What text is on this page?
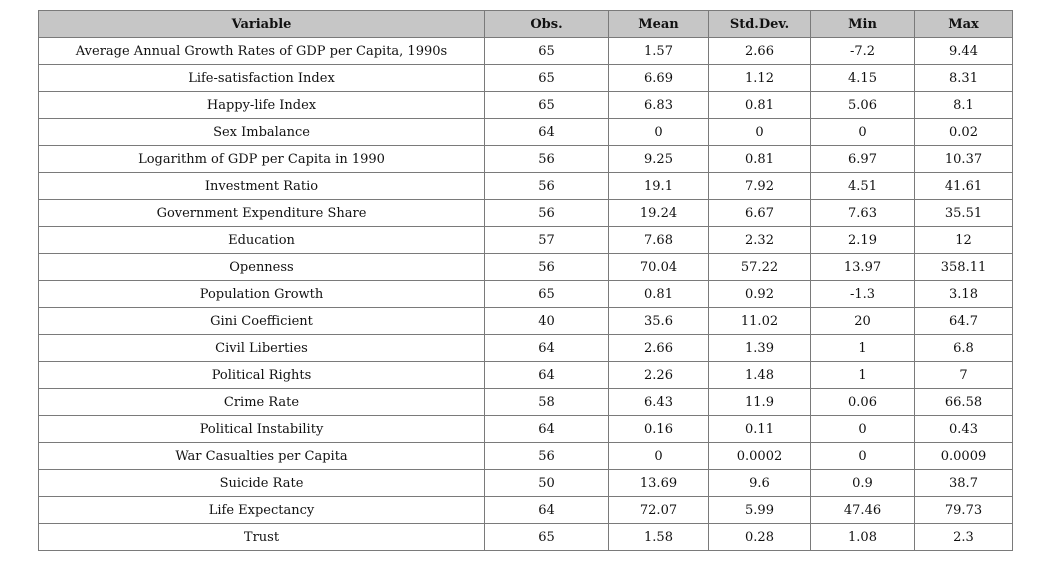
Variable	Obs.	Mean	Std.Dev.	Min	Max
Average Annual Growth Rates of GDP per Capita, 1990s	65	1.57	2.66	-7.2	9.44
Life-satisfaction Index	65	6.69	1.12	4.15	8.31
Happy-life Index	65	6.83	0.81	5.06	8.1
Sex Imbalance	64	0	0	0	0.02
Logarithm of GDP per Capita in 1990	56	9.25	0.81	6.97	10.37
Investment Ratio	56	19.1	7.92	4.51	41.61
Government Expenditure Share	56	19.24	6.67	7.63	35.51
Education	57	7.68	2.32	2.19	12
Openness	56	70.04	57.22	13.97	358.11
Population Growth	65	0.81	0.92	-1.3	3.18
Gini Coefficient	40	35.6	11.02	20	64.7
Civil Liberties	64	2.66	1.39	1	6.8
Political Rights	64	2.26	1.48	1	7
Crime Rate	58	6.43	11.9	0.06	66.58
Political Instability	64	0.16	0.11	0	0.43
War Casualties per Capita	56	0	0.0002	0	0.0009
Suicide Rate	50	13.69	9.6	0.9	38.7
Life Expectancy	64	72.07	5.99	47.46	79.73
Trust	65	1.58	0.28	1.08	2.3
